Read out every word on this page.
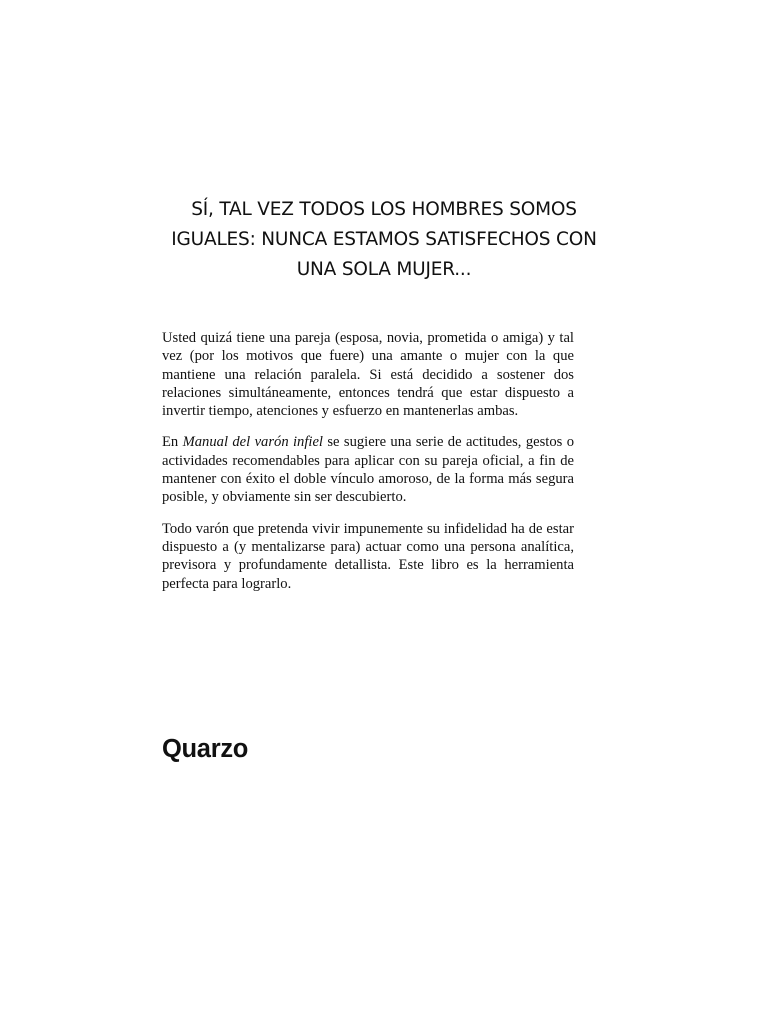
SÍ, TAL VEZ TODOS LOS HOMBRES SOMOS
IGUALES: NUNCA ESTAMOS SATISFECHOS CON
UNA SOLA MUJER...

Usted quizá tiene una pareja (esposa, novia, prometida o amiga) y tal vez (por los motivos que fuere) una amante o mujer con la que mantiene una relación paralela. Si está decidido a sostener dos relaciones simultáneamente, entonces tendrá que estar dispuesto a invertir tiempo, atenciones y esfuerzo en mantenerlas ambas.

En Manual del varón infiel se sugiere una serie de actitudes, gestos o actividades recomendables para aplicar con su pareja oficial, a fin de mantener con éxito el doble vínculo amoroso, de la forma más segura posible, y obviamente sin ser descubierto.

Todo varón que pretenda vivir impunemente su infidelidad ha de estar dispuesto a (y mentalizarse para) actuar como una persona analítica, previsora y profundamente detallista. Este libro es la herramienta perfecta para lograrlo.

Quarzo
